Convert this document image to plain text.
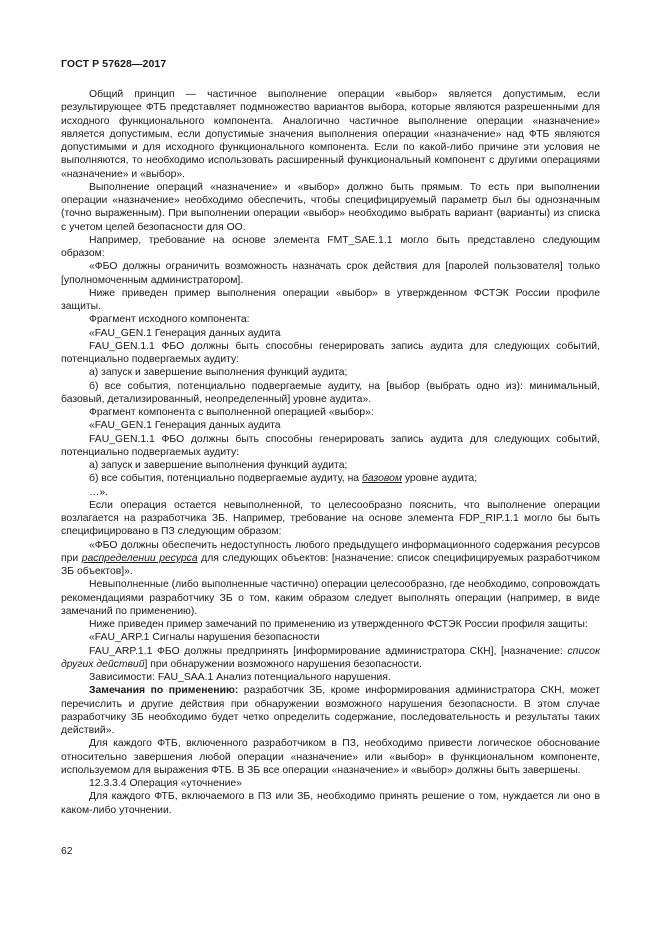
ГОСТ Р 57628—2017

Общий принцип — частичное выполнение операции «выбор» является допустимым, если результирующее ФТБ представляет подмножество вариантов выбора, которые являются разрешенными для исходного функционального компонента. Аналогично частичное выполнение операции «назначение» является допустимым, если допустимые значения выполнения операции «назначение» над ФТБ являются допустимыми и для исходного функционального компонента. Если по какой-либо причине эти условия не выполняются, то необходимо использовать расширенный функциональный компонент с другими операциями «назначение» и «выбор».

Выполнение операций «назначение» и «выбор» должно быть прямым. То есть при выполнении операции «назначение» необходимо обеспечить, чтобы специфицируемый параметр был бы однозначным (точно выраженным). При выполнении операции «выбор» необходимо выбрать вариант (варианты) из списка с учетом целей безопасности для ОО.

Например, требование на основе элемента FMT_SAE.1.1 могло быть представлено следующим образом:

«ФБО должны ограничить возможность назначать срок действия для [паролей пользователя] только [уполномоченным администратором].

Ниже приведен пример выполнения операции «выбор» в утвержденном ФСТЭК России профиле защиты.

Фрагмент исходного компонента:

«FAU_GEN.1 Генерация данных аудита

FAU_GEN.1.1 ФБО должны быть способны генерировать запись аудита для следующих событий, потенциально подвергаемых аудиту:

а) запуск и завершение выполнения функций аудита;

б) все события, потенциально подвергаемые аудиту, на [выбор (выбрать одно из): минимальный, базовый, детализированный, неопределенный] уровне аудита».

Фрагмент компонента с выполненной операцией «выбор»:

«FAU_GEN.1 Генерация данных аудита

FAU_GEN.1.1 ФБО должны быть способны генерировать запись аудита для следующих событий, потенциально подвергаемых аудиту:

а) запуск и завершение выполнения функций аудита;

б) все события, потенциально подвергаемые аудиту, на базовом уровне аудита;

…».

Если операция остается невыполненной, то целесообразно пояснить, что выполнение операции возлагается на разработчика ЗБ. Например, требование на основе элемента FDP_RIP.1.1 могло бы быть специфицировано в ПЗ следующим образом:

«ФБО должны обеспечить недоступность любого предыдущего информационного содержания ресурсов при распределении ресурса для следующих объектов: [назначение: список специфицируемых разработчиком ЗБ объектов]».

Невыполненные (либо выполненные частично) операции целесообразно, где необходимо, сопровождать рекомендациями разработчику ЗБ о том, каким образом следует выполнять операции (например, в виде замечаний по применению).

Ниже приведен пример замечаний по применению из утвержденного ФСТЭК России профиля защиты:

«FAU_ARP.1 Сигналы нарушения безопасности

FAU_ARP.1.1 ФБО должны предпринять [информирование администратора СКН], [назначение: список других действий] при обнаружении возможного нарушения безопасности.

Зависимости: FAU_SAA.1 Анализ потенциального нарушения.

Замечания по применению: разработчик ЗБ, кроме информирования администратора СКН, может перечислить и другие действия при обнаружении возможного нарушения безопасности. В этом случае разработчику ЗБ необходимо будет четко определить содержание, последовательность и результаты таких действий».

Для каждого ФТБ, включенного разработчиком в ПЗ, необходимо привести логическое обоснование относительно завершения любой операции «назначение» или «выбор» в функциональном компоненте, используемом для выражения ФТБ. В ЗБ все операции «назначение» и «выбор» должны быть завершены.

12.3.3.4 Операция «уточнение»

Для каждого ФТБ, включаемого в ПЗ или ЗБ, необходимо принять решение о том, нуждается ли оно в каком-либо уточнении.

62
